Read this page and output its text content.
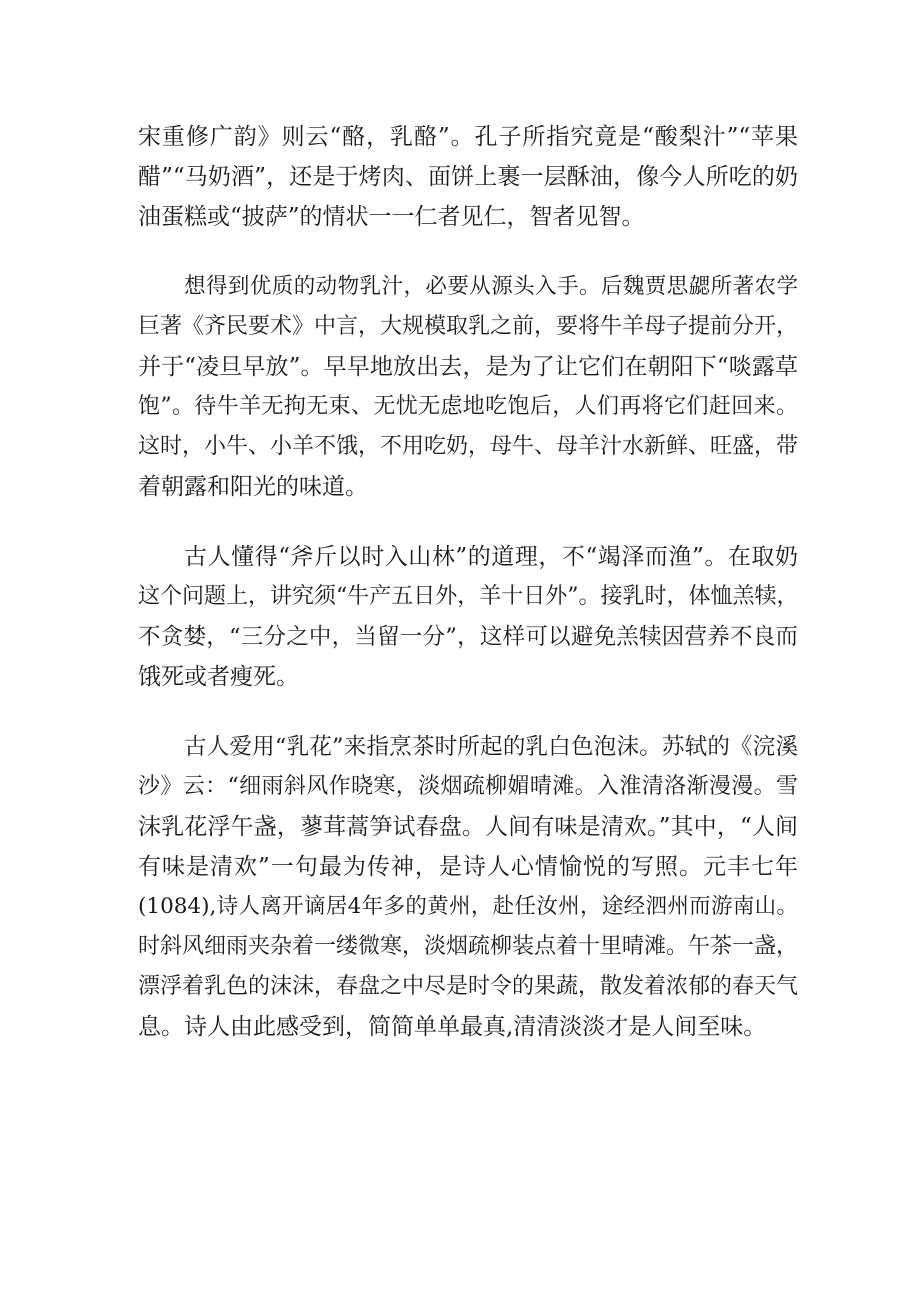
宋重修广韵》则云“酪，乳酪”。孔子所指究竟是“酸梨汁”“苹果
醋”“马奶酒”，还是于烤肉、面饼上裹一层酥油，像今人所吃的奶
油蛋糕或“披萨”的情状一一仁者见仁，智者见智。
想得到优质的动物乳汁，必要从源头入手。后魏贾思勰所著农学
巨著《齐民要术》中言，大规模取乳之前，要将牛羊母子提前分开，
并于“凌旦早放”。早早地放出去，是为了让它们在朝阳下“啖露草
饱”。待牛羊无拘无束、无忧无虑地吃饱后，人们再将它们赶回来。
这时，小牛、小羊不饿，不用吃奶，母牛、母羊汁水新鲜、旺盛，带
着朝露和阳光的味道。
古人懂得“斧斤以时入山林”的道理，不“竭泽而渔”。在取奶
这个问题上，讲究须“牛产五日外，羊十日外”。接乳时，体恤羔犊，
不贪婪，“三分之中，当留一分”，这样可以避免羔犊因营养不良而
饿死或者瘦死。
古人爱用“乳花”来指烹茶时所起的乳白色泡沫。苏轼的《浣溪
沙》云：“细雨斜风作晓寒，淡烟疏柳媚晴滩。入淮清洛渐漫漫。雪
沫乳花浮午盏，蓼茸蒿笋试春盘。人间有味是清欢。”其中，“人间
有味是清欢”一句最为传神，是诗人心情愉悦的写照。元丰七年
(1084),诗人离开谪居4年多的黄州，赴任汝州，途经泗州而游南山。
时斜风细雨夹杂着一缕微寒，淡烟疏柳装点着十里晴滩。午茶一盏，
漂浮着乳色的沫沫，春盘之中尽是时令的果蔬，散发着浓郁的春天气
息。诗人由此感受到，简简单单最真,清清淡淡才是人间至味。
